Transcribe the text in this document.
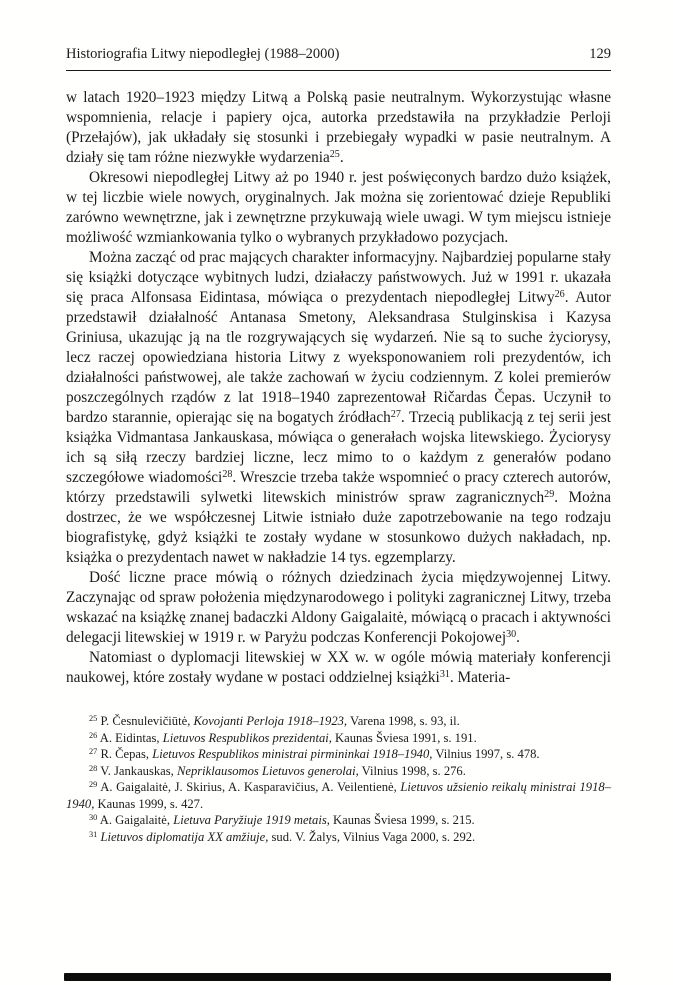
Historiografia Litwy niepodległej (1988–2000)	129

w latach 1920–1923 między Litwą a Polską pasie neutralnym. Wykorzystując własne wspomnienia, relacje i papiery ojca, autorka przedstawiła na przykładzie Perloji (Przełajów), jak układały się stosunki i przebiegały wypadki w pasie neutralnym. A działy się tam różne niezwykłe wydarzenia$^{25}$.

Okresowi niepodległej Litwy aż po 1940 r. jest poświęconych bardzo dużo książek, w tej liczbie wiele nowych, oryginalnych. Jak można się zorientować dzieje Republiki zarówno wewnętrzne, jak i zewnętrzne przykuwają wiele uwagi. W tym miejscu istnieje możliwość wzmiankowania tylko o wybranych przykładowo pozycjach.

Można zacząć od prac mających charakter informacyjny. Najbardziej popularne stały się książki dotyczące wybitnych ludzi, działaczy państwowych. Już w 1991 r. ukazała się praca Alfonsasa Eidintasa, mówiąca o prezydentach niepodległej Litwy$^{26}$. Autor przedstawił działalność Antanasa Smetony, Aleksandrasa Stulginskisa i Kazysa Griniusa, ukazując ją na tle rozgrywających się wydarzeń. Nie są to suche życiorysy, lecz raczej opowiedziana historia Litwy z wyeksponowaniem roli prezydentów, ich działalności państwowej, ale także zachowań w życiu codziennym. Z kolei premierów poszczególnych rządów z lat 1918–1940 zaprezentował Ričardas Čepas. Uczynił to bardzo starannie, opierając się na bogatych źródłach$^{27}$. Trzecią publikacją z tej serii jest książka Vidmantasa Jankauskasa, mówiąca o generałach wojska litewskiego. Życiorysy ich są siłą rzeczy bardziej liczne, lecz mimo to o każdym z generałów podano szczegółowe wiadomości$^{28}$. Wreszcie trzeba także wspomnieć o pracy czterech autorów, którzy przedstawili sylwetki litewskich ministrów spraw zagranicznych$^{29}$. Można dostrzec, że we współczesnej Litwie istniało duże zapotrzebowanie na tego rodzaju biografistykę, gdyż książki te zostały wydane w stosunkowo dużych nakładach, np. książka o prezydentach nawet w nakładzie 14 tys. egzemplarzy.

Dość liczne prace mówią o różnych dziedzinach życia międzywojennej Litwy. Zaczynając od spraw położenia międzynarodowego i polityki zagranicznej Litwy, trzeba wskazać na książkę znanej badaczki Aldony Gaigalaitė, mówiącą o pracach i aktywności delegacji litewskiej w 1919 r. w Paryżu podczas Konferencji Pokojowej$^{30}$.

Natomiast o dyplomacji litewskiej w XX w. w ogóle mówią materiały konferencji naukowej, które zostały wydane w postaci oddzielnej książki$^{31}$. Materia-

$^{25}$ P. Česnulevičiūtė, Kovojanti Perloja 1918–1923, Varena 1998, s. 93, il.

$^{26}$ A. Eidintas, Lietuvos Respublikos prezidentai, Kaunas Šviesa 1991, s. 191.

$^{27}$ R. Čepas, Lietuvos Respublikos ministrai pirmininkai 1918–1940, Vilnius 1997, s. 478.

$^{28}$ V. Jankauskas, Nepriklausomos Lietuvos generolai, Vilnius 1998, s. 276.

$^{29}$ A. Gaigalaitė, J. Skirius, A. Kasparavičius, A. Veilentienė, Lietuvos užsienio reikalų ministrai 1918–1940, Kaunas 1999, s. 427.

$^{30}$ A. Gaigalaitė, Lietuva Paryžiuje 1919 metais, Kaunas Šviesa 1999, s. 215.

$^{31}$ Lietuvos diplomatija XX amžiuje, sud. V. Žalys, Vilnius Vaga 2000, s. 292.
